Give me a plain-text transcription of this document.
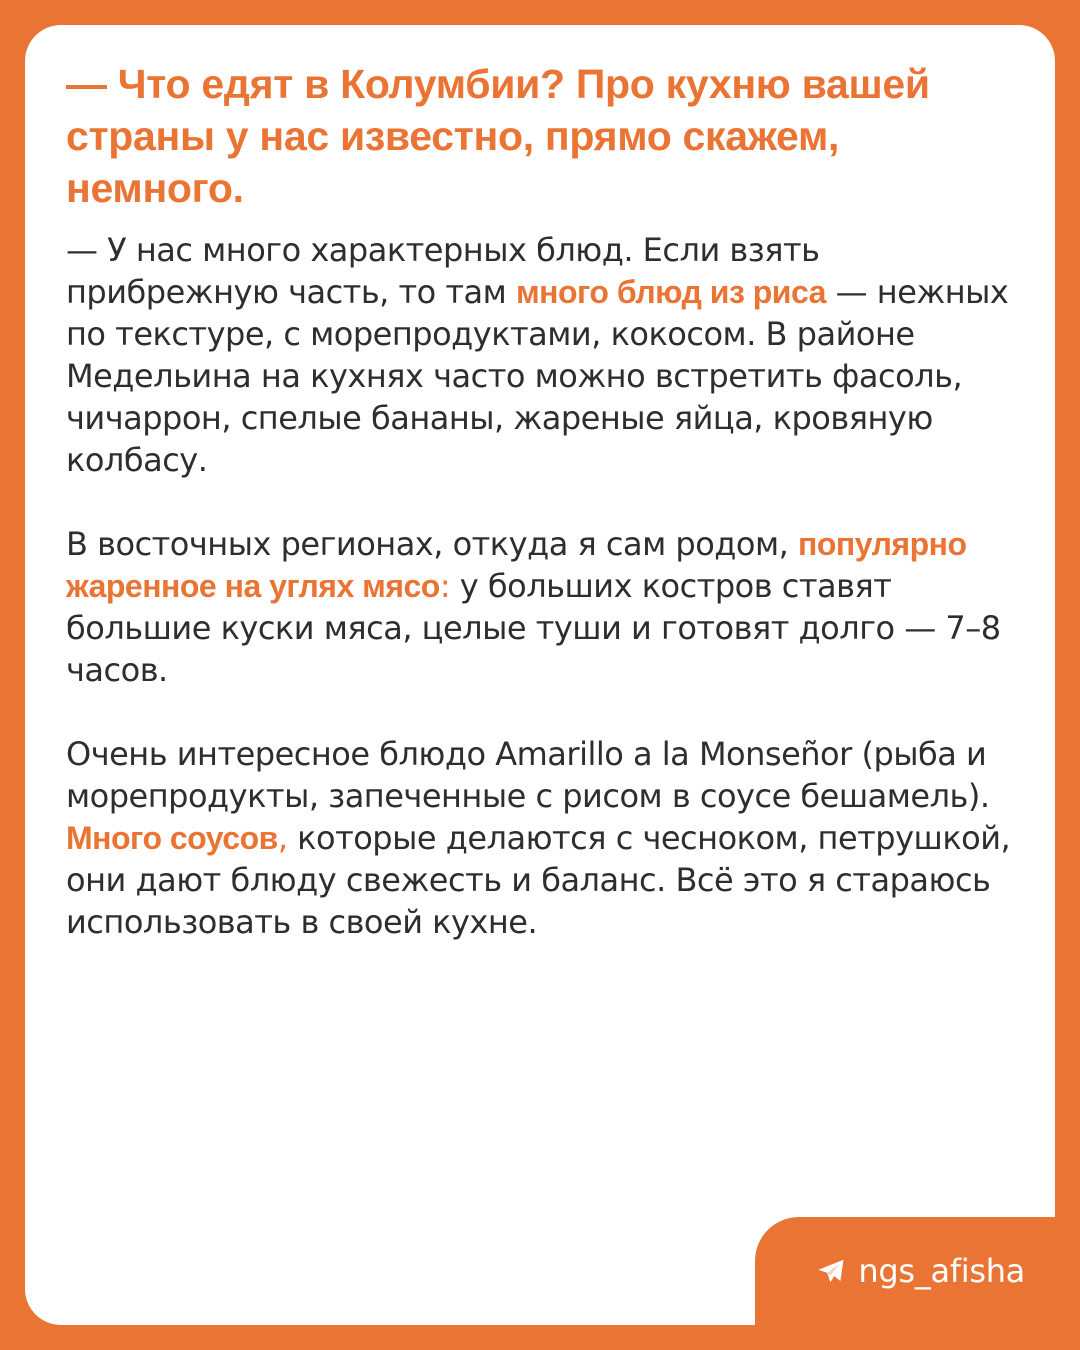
— Что едят в Колумбии? Про кухню вашей страны у нас известно, прямо скажем, немного.

— У нас много характерных блюд. Если взять прибрежную часть, то там много блюд из риса — нежных по текстуре, с морепродуктами, кокосом. В районе Медельина на кухнях часто можно встретить фасоль, чичаррон, спелые бананы, жареные яйца, кровяную колбасу.

В восточных регионах, откуда я сам родом, популярно жаренное на углях мясо: у больших костров ставят большие куски мяса, целые туши и готовят долго — 7–8 часов.

Очень интересное блюдо Amarillo a la Monseñor (рыба и морепродукты, запеченные с рисом в соусе бешамель). Много соусов, которые делаются с чесноком, петрушкой, они дают блюду свежесть и баланс. Всё это я стараюсь использовать в своей кухне.

ngs_afisha
